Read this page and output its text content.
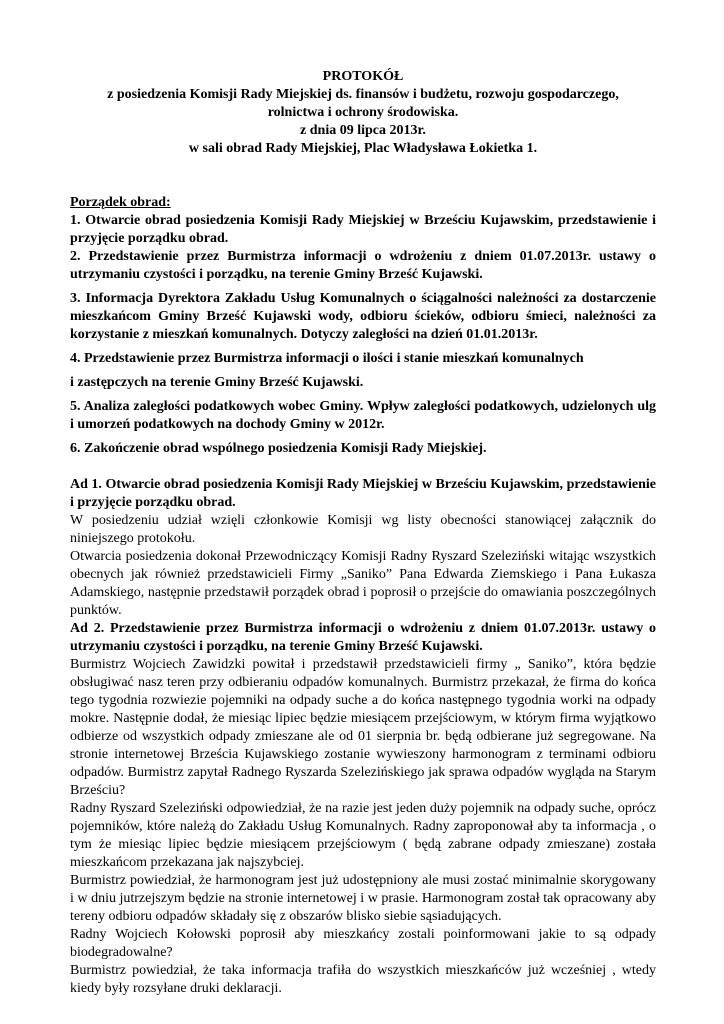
PROTOKÓŁ
z posiedzenia Komisji Rady Miejskiej ds. finansów i budżetu, rozwoju gospodarczego,
rolnictwa i ochrony środowiska.
z dnia 09 lipca 2013r.
w sali obrad Rady Miejskiej, Plac Władysława Łokietka 1.
Porządek obrad:

1. Otwarcie obrad posiedzenia Komisji Rady Miejskiej w Brześciu Kujawskim, przedstawienie i przyjęcie porządku obrad.

2. Przedstawienie przez Burmistrza informacji o wdrożeniu z dniem 01.07.2013r. ustawy o utrzymaniu czystości i porządku, na terenie Gminy Brześć Kujawski.

3. Informacja Dyrektora Zakładu Usług Komunalnych o ściągalności należności za dostarczenie mieszkańcom Gminy Brześć Kujawski wody, odbioru ścieków, odbioru śmieci, należności za korzystanie z mieszkań komunalnych. Dotyczy zaległości na dzień 01.01.2013r.

4. Przedstawienie przez Burmistrza informacji o ilości i stanie mieszkań komunalnych

i zastępczych na terenie Gminy Brześć Kujawski.

5. Analiza zaległości podatkowych wobec Gminy. Wpływ zaległości podatkowych, udzielonych ulg i umorzeń podatkowych na dochody Gminy w 2012r.

6. Zakończenie obrad wspólnego posiedzenia Komisji Rady Miejskiej.

Ad 1. Otwarcie obrad posiedzenia Komisji Rady Miejskiej w Brześciu Kujawskim, przedstawienie i przyjęcie porządku obrad.

W posiedzeniu udział wzięli członkowie Komisji wg listy obecności stanowiącej załącznik do niniejszego protokołu.

Otwarcia posiedzenia dokonał Przewodniczący Komisji Radny Ryszard Szeleziński witając wszystkich obecnych jak również przedstawicieli Firmy „Saniko” Pana Edwarda Ziemskiego i Pana Łukasza Adamskiego, następnie przedstawił porządek obrad i poprosił o przejście do omawiania poszczególnych punktów.

Ad 2. Przedstawienie przez Burmistrza informacji o wdrożeniu z dniem 01.07.2013r. ustawy o utrzymaniu czystości i porządku, na terenie Gminy Brześć Kujawski.

Burmistrz Wojciech Zawidzki powitał i przedstawił przedstawicieli firmy „ Saniko”, która będzie obsługiwać nasz teren przy odbieraniu odpadów komunalnych. Burmistrz przekazał, że firma do końca tego tygodnia rozwiezie pojemniki na odpady suche a do końca następnego tygodnia worki na odpady mokre. Następnie dodał, że miesiąc lipiec będzie miesiącem przejściowym, w którym firma wyjątkowo odbierze od wszystkich odpady zmieszane ale od 01 sierpnia br. będą odbierane już segregowane. Na stronie internetowej Brześcia Kujawskiego zostanie wywieszony harmonogram z terminami odbioru odpadów. Burmistrz zapytał Radnego Ryszarda Szelezińskiego jak sprawa odpadów wygląda na Starym Brześciu?

Radny Ryszard Szeleziński odpowiedział, że na razie jest jeden duży pojemnik na odpady suche, oprócz pojemników, które należą do Zakładu Usług Komunalnych. Radny zaproponował aby ta informacja , o tym że miesiąc lipiec będzie miesiącem przejściowym ( będą zabrane odpady zmieszane) została mieszkańcom przekazana jak najszybciej.

Burmistrz powiedział, że harmonogram jest już udostępniony ale musi zostać minimalnie skorygowany i w dniu jutrzejszym będzie na stronie internetowej i w prasie. Harmonogram został tak opracowany aby tereny odbioru odpadów składały się z obszarów blisko siebie sąsiadujących.

Radny Wojciech Kołowski poprosił aby mieszkańcy zostali poinformowani jakie to są odpady biodegradowalne?

Burmistrz powiedział, że taka informacja trafiła do wszystkich mieszkańców już wcześniej , wtedy kiedy były rozsyłane druki deklaracji.
